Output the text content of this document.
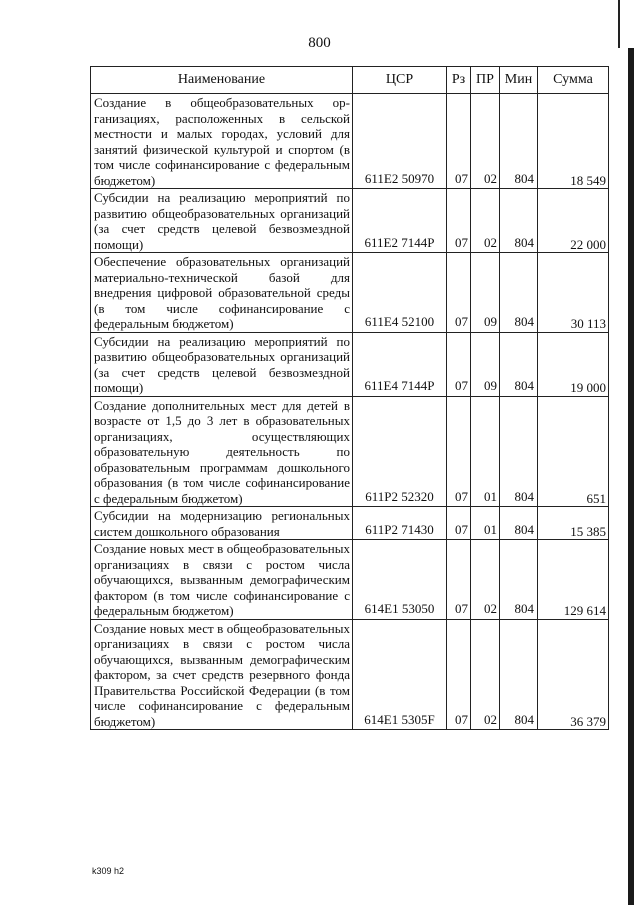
800
Наименование	ЦСР	Рз	ПР	Мин	Сумма
Создание в общеобразовательных организациях, расположенных в сельской местности и малых городах, условий для занятий физической культурой и спортом (в том числе софинансирование с федеральным бюджетом)	611E2 50970	07	02	804	18 549
Субсидии на реализацию мероприятий по развитию общеобразовательных организаций (за счет средств целевой безвозмездной помощи)	611E2 7144P	07	02	804	22 000
Обеспечение образовательных организаций материально-технической базой для внедрения цифровой образовательной среды (в том числе софинансирование с федеральным бюджетом)	611E4 52100	07	09	804	30 113
Субсидии на реализацию мероприятий по развитию общеобразовательных организаций (за счет средств целевой безвозмездной помощи)	611E4 7144P	07	09	804	19 000
Создание дополнительных мест для детей в возрасте от 1,5 до 3 лет в образовательных организациях, осуществляющих образовательную деятельность по образовательным программам дошкольного образования (в том числе софинансирование с федеральным бюджетом)	611P2 52320	07	01	804	651
Субсидии на модернизацию региональных систем дошкольного образования	611P2 71430	07	01	804	15 385
Создание новых мест в общеобразовательных организациях в связи с ростом числа обучающихся, вызванным демографическим фактором (в том числе софинансирование с федеральным бюджетом)	614E1 53050	07	02	804	129 614
Создание новых мест в общеобразовательных организациях в связи с ростом числа обучающихся, вызванным демографическим фактором, за счет средств резервного фонда Правительства Российской Федерации (в том числе софинансирование с федеральным бюджетом)	614E1 5305F	07	02	804	36 379
k309 h2
